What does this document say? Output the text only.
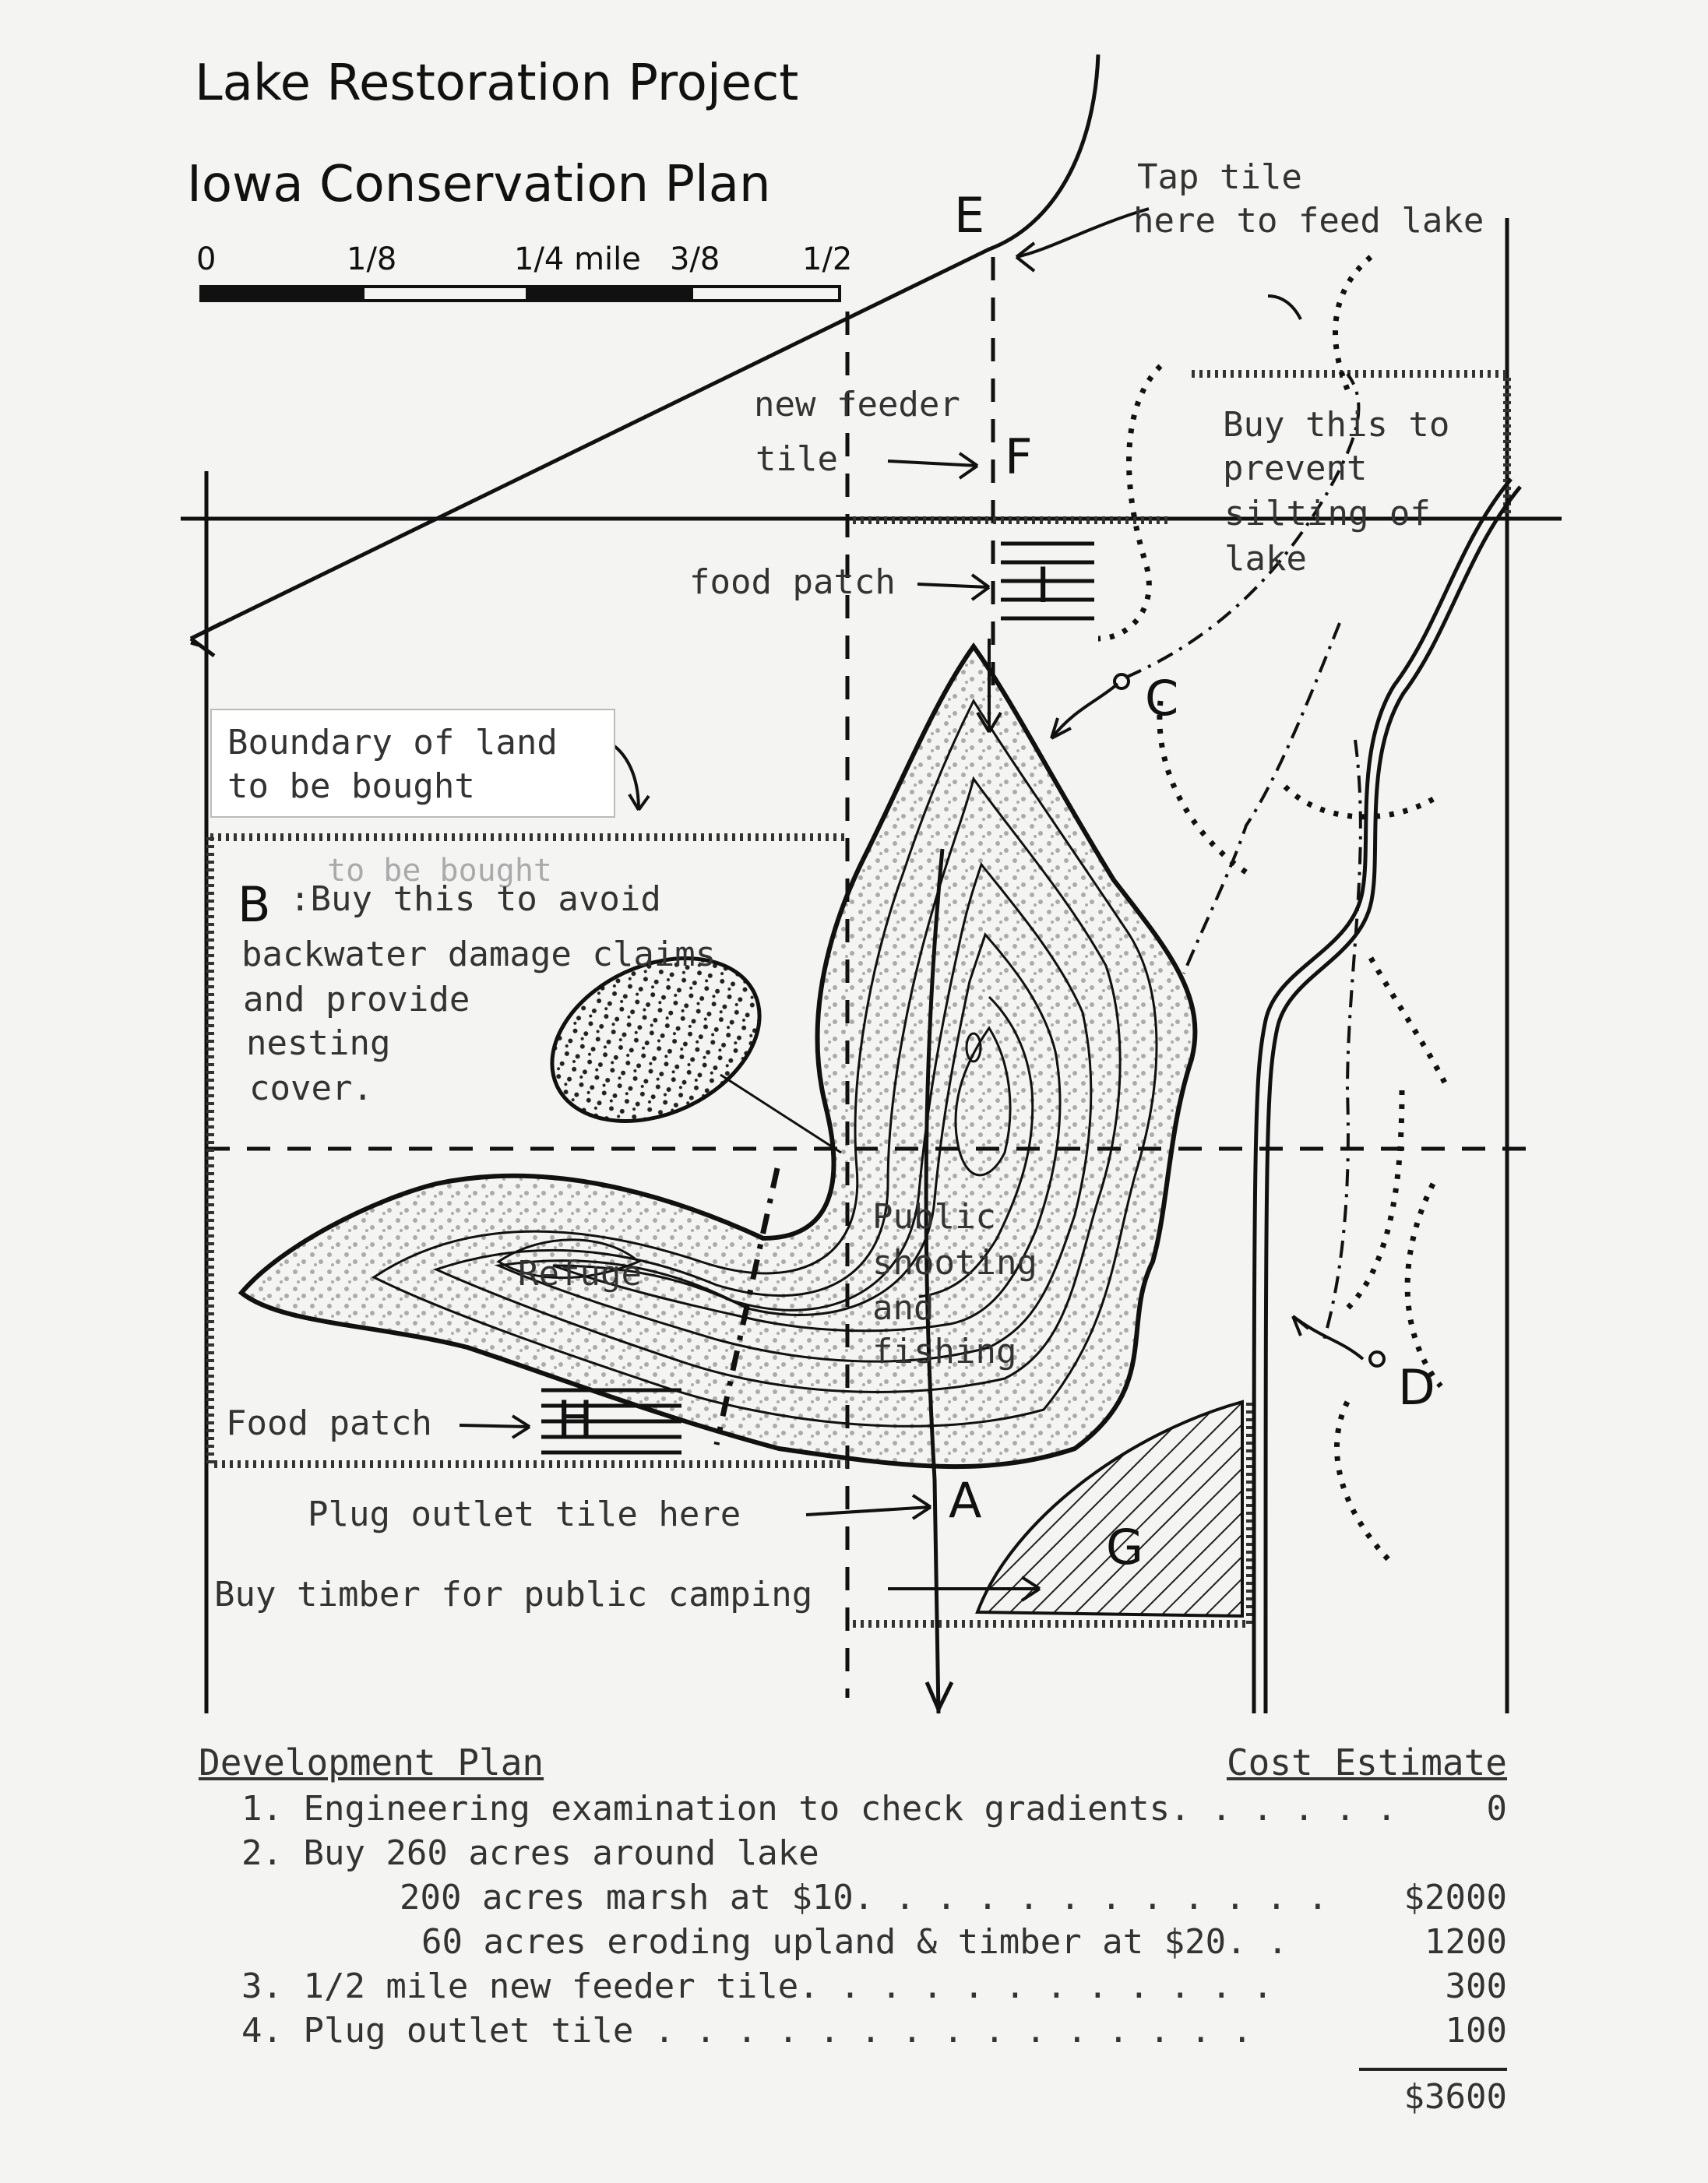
Lake Restoration Project
Iowa Conservation Plan
0	1/8	1/4 mile 3/8	1/2
E
F
I
C
B
H
D
A
G
Tap tile
here to feed lake
new feeder
tile
food patch
Buy this to
prevent
silting of
lake
Boundary of land
to be bought
to be bought
:Buy this to avoid
backwater damage claims
and provide
nesting
cover.
Public
shooting
and
fishing
Refuge
Food patch
Plug outlet tile here
Buy timber for public camping
Development Plan	Cost Estimate
1. Engineering examination to check gradients. . . . . .	0
2. Buy 260 acres around lake
200 acres marsh at $10. . . . . . . . . . . . $2000
60 acres eroding upland & timber at $20. .	1200
3. 1/2 mile new feeder tile. . . . . . . . . . . .	300
4. Plug outlet tile . . . . . . . . . . . . . . .	100
$3600
